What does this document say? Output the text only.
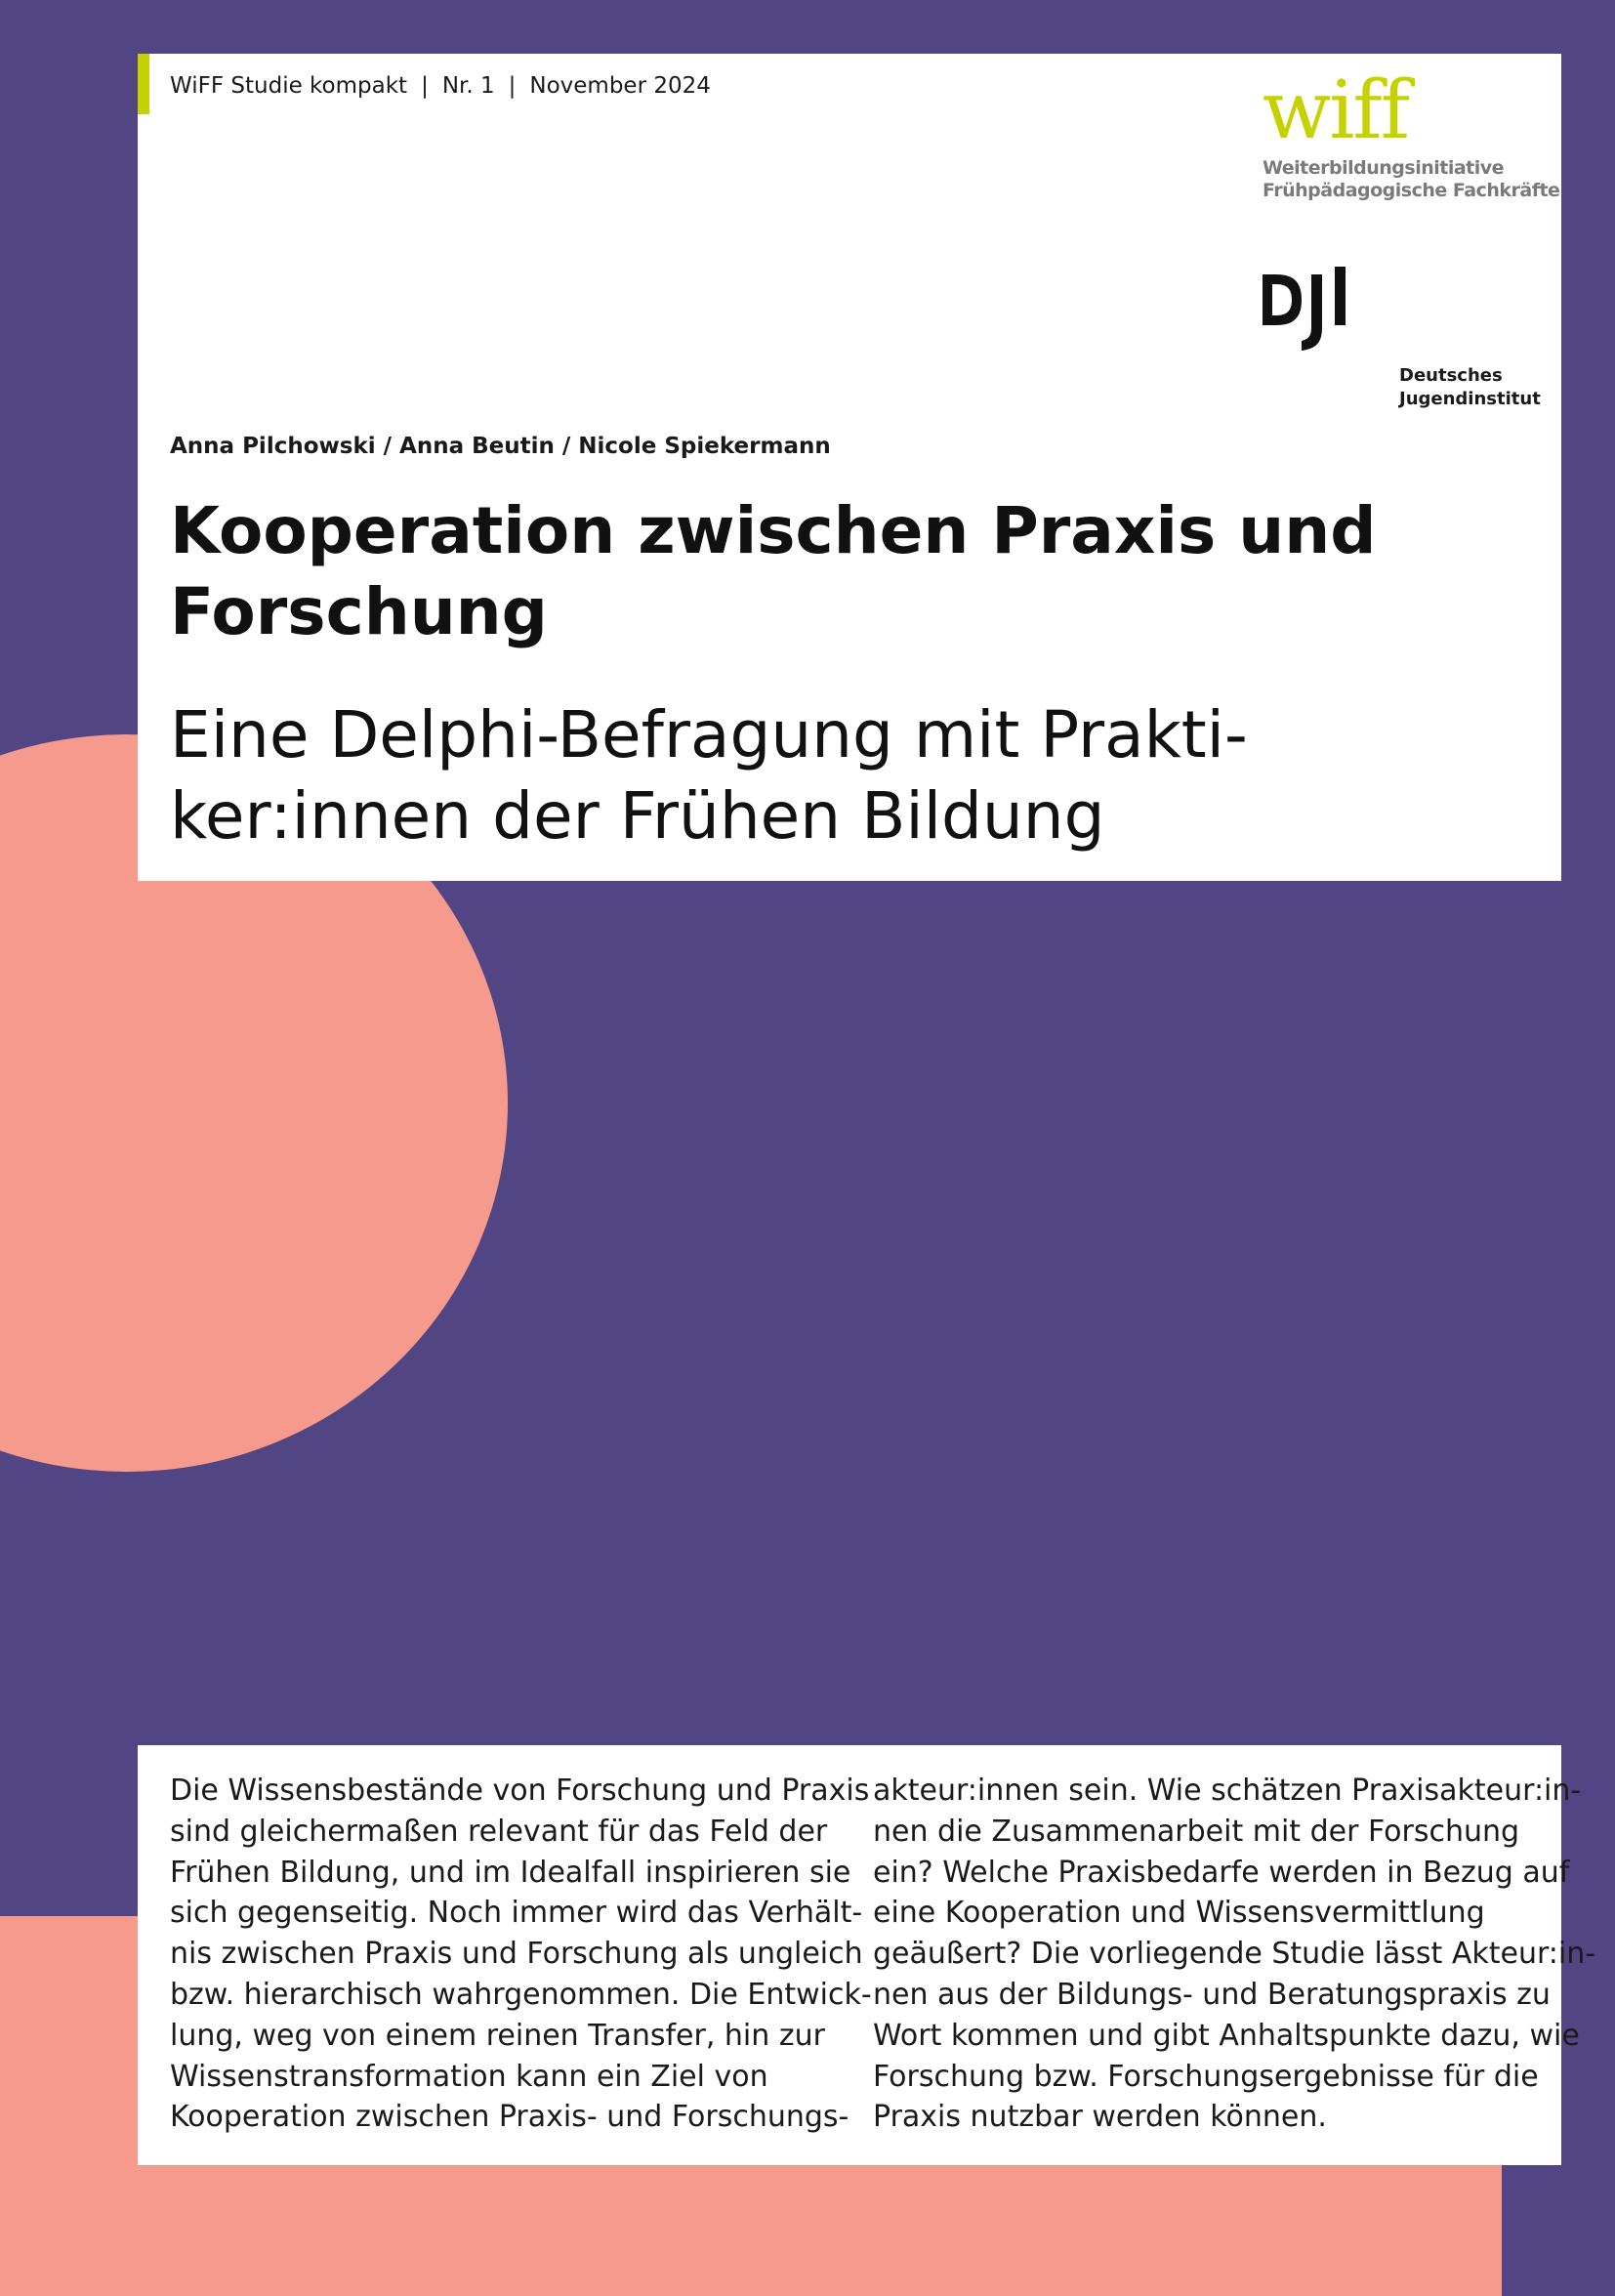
WiFF Studie kompakt | Nr. 1 | November 2024	wiff
Weiterbildungsinitiative
Frühpädagogische Fachkräfte
Deutsches
Jugendinstitut
Anna Pilchowski / Anna Beutin / Nicole Spiekermann
Kooperation zwischen Praxis und
Forschung
Eine Delphi-Befragung mit Prakti-
ker:innen der Frühen Bildung
Die Wissensbestände von Forschung und Praxis
sind gleichermaßen relevant für das Feld der
Frühen Bildung, und im Idealfall inspirieren sie
sich gegenseitig. Noch immer wird das Verhält-
nis zwischen Praxis und Forschung als ungleich
bzw. hierarchisch wahrgenommen. Die Entwick-
lung, weg von einem reinen Transfer, hin zur
Wissenstransformation kann ein Ziel von
Kooperation zwischen Praxis- und Forschungs-
akteur:innen sein. Wie schätzen Praxisakteur:in-
nen die Zusammenarbeit mit der Forschung
ein? Welche Praxisbedarfe werden in Bezug auf
eine Kooperation und Wissensvermittlung
geäußert? Die vorliegende Studie lässt Akteur:in-
nen aus der Bildungs- und Beratungspraxis zu
Wort kommen und gibt Anhaltspunkte dazu, wie
Forschung bzw. Forschungsergebnisse für die
Praxis nutzbar werden können.
